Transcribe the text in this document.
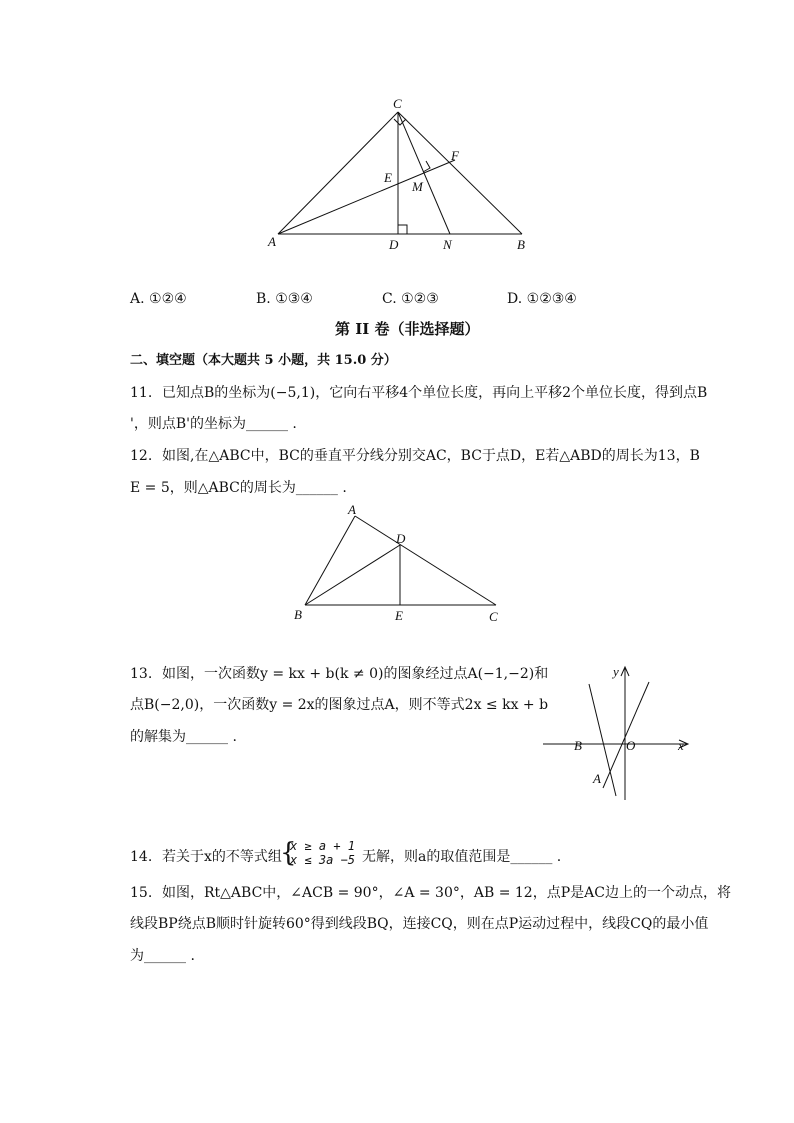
C
F
E
M
A	D	N	B
A. ①②④	B. ①③④	C. ①②③	D. ①②③④
第 II 卷（非选择题）
二、填空题（本大题共 5 小题，共 15.0 分）
11. 已知点B的坐标为(−5,1)，它向右平移4个单位长度，再向上平移2个单位长度，得到点B
'，则点B'的坐标为______ .
12. 如图,在△ABC中，BC的垂直平分线分别交AC，BC于点D，E若△ABD的周长为13，B
E = 5，则△ABC的周长为______ .
A
D
B	E	C
13. 如图，一次函数y = kx + b(k ≠ 0)的图象经过点A(−1,−2)和
点B(−2,0)，一次函数y = 2x的图象过点A，则不等式2x ≤ kx + b
的解集为______ .
y
x
B	O
A
14. 若关于x的不等式组
{
x ≥ a + 1
x ≤ 3a −5 无解，则a的取值范围是______ .
15. 如图，Rt△ABC中，∠ACB = 90°，∠A = 30°，AB = 12，点P是AC边上的一个动点，将
线段BP绕点B顺时针旋转60°得到线段BQ，连接CQ，则在点P运动过程中，线段CQ的最小值
为______ .
